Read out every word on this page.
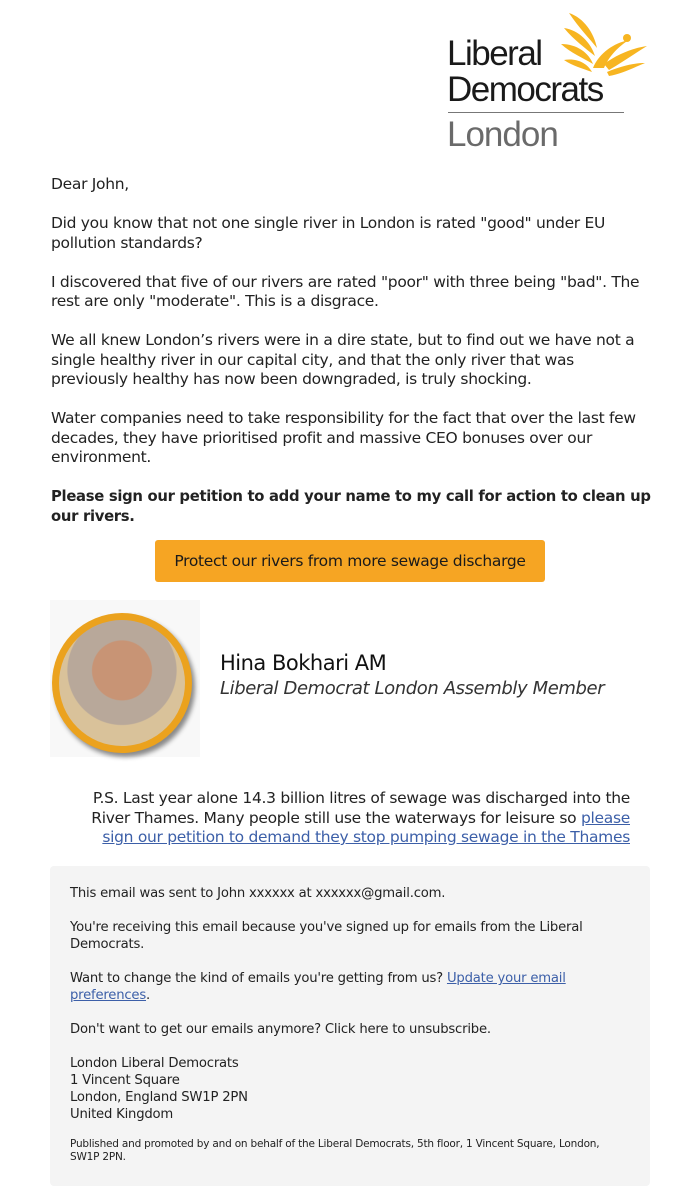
Liberal
Democrats
London

Dear John,

Did you know that not one single river in London is rated "good" under EU pollution standards?

I discovered that five of our rivers are rated "poor" with three being "bad". The rest are only "moderate". This is a disgrace.

We all knew London’s rivers were in a dire state, but to find out we have not a single healthy river in our capital city, and that the only river that was previously healthy has now been downgraded, is truly shocking.

Water companies need to take responsibility for the fact that over the last few decades, they have prioritised profit and massive CEO bonuses over our environment.

Please sign our petition to add your name to my call for action to clean up our rivers.

Protect our rivers from more sewage discharge
Hina Bokhari AM
Liberal Democrat London Assembly Member
P.S. Last year alone 14.3 billion litres of sewage was discharged into the River Thames. Many people still use the waterways for leisure so please sign our petition to demand they stop pumping sewage in the Thames

This email was sent to John xxxxxx at xxxxxx@gmail.com.

You're receiving this email because you've signed up for emails from the Liberal Democrats.

Want to change the kind of emails you're getting from us? Update your email preferences.

Don't want to get our emails anymore? Click here to unsubscribe.

London Liberal Democrats
1 Vincent Square
London, England SW1P 2PN
United Kingdom

Published and promoted by and on behalf of the Liberal Democrats, 5th floor, 1 Vincent Square, London, SW1P 2PN.
